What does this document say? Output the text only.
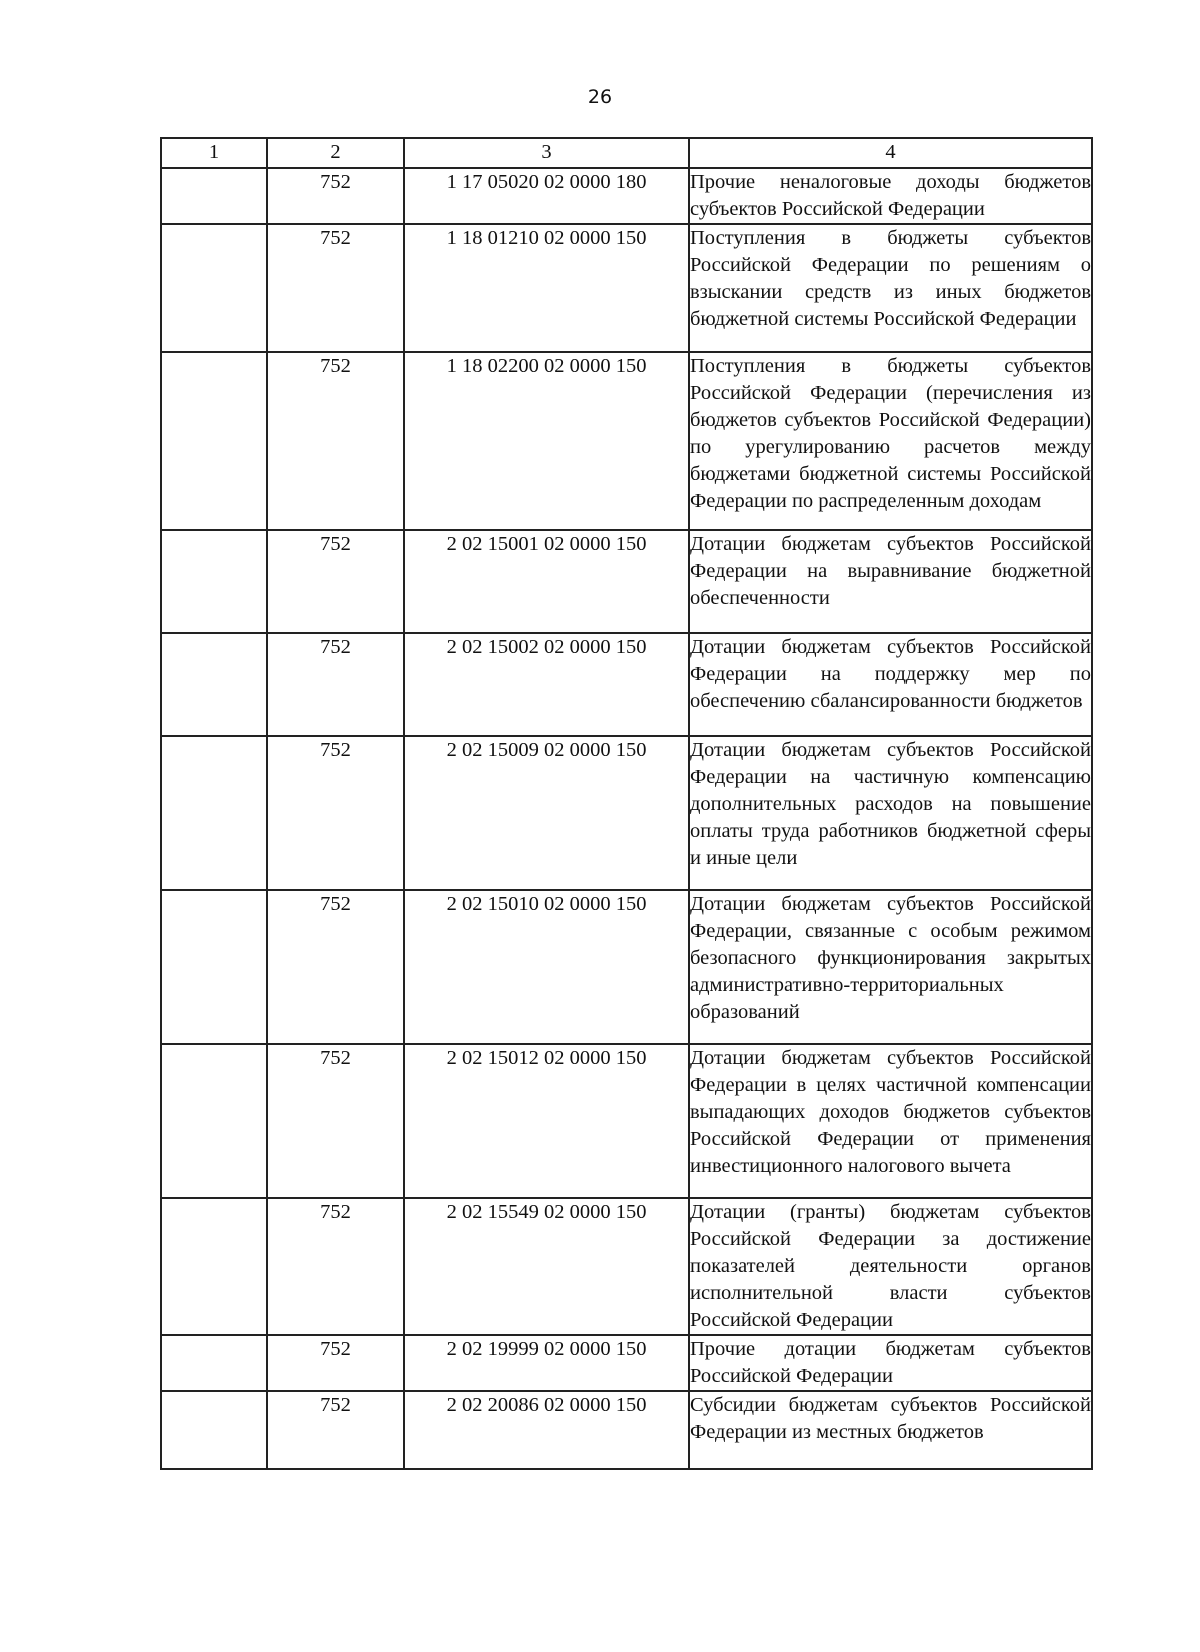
26
1	2	3	4
	752	1 17 05020 02 0000 180	Прочие неналоговые доходы бюджетов субъектов Российской Федерации
	752	1 18 01210 02 0000 150	Поступления в бюджеты субъектов Российской Федерации по решениям о взыскании средств из иных бюджетов бюджетной системы Российской Федерации
	752	1 18 02200 02 0000 150	Поступления в бюджеты субъектов Российской Федерации (перечисления из бюджетов субъектов Российской Федерации) по урегулированию расчетов между бюджетами бюджетной системы Российской Федерации по распределенным доходам
	752	2 02 15001 02 0000 150	Дотации бюджетам субъектов Российской Федерации на выравнивание бюджетной обеспеченности
	752	2 02 15002 02 0000 150	Дотации бюджетам субъектов Российской Федерации на поддержку мер по обеспечению сбалансированности бюджетов
	752	2 02 15009 02 0000 150	Дотации бюджетам субъектов Российской Федерации на частичную компенсацию дополнительных расходов на повышение оплаты труда работников бюджетной сферы и иные цели
	752	2 02 15010 02 0000 150	Дотации бюджетам субъектов Российской Федерации, связанные с особым режимом безопасного функционирования закрытых административно-территориальных образований
	752	2 02 15012 02 0000 150	Дотации бюджетам субъектов Российской Федерации в целях частичной компенсации выпадающих доходов бюджетов субъектов Российской Федерации от применения инвестиционного налогового вычета
	752	2 02 15549 02 0000 150	Дотации (гранты) бюджетам субъектов Российской Федерации за достижение показателей деятельности органов исполнительной власти субъектов Российской Федерации
	752	2 02 19999 02 0000 150	Прочие дотации бюджетам субъектов Российской Федерации
	752	2 02 20086 02 0000 150	Субсидии бюджетам субъектов Российской Федерации из местных бюджетов
